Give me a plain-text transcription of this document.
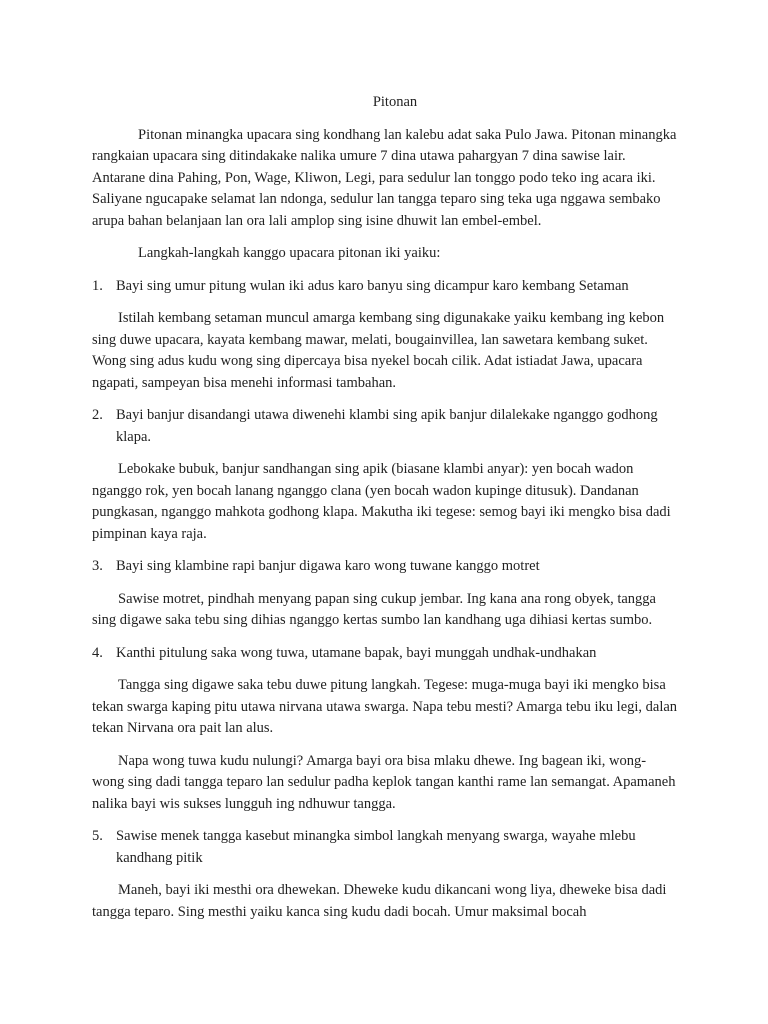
Pitonan

Pitonan minangka upacara sing kondhang lan kalebu adat saka Pulo Jawa. Pitonan minangka rangkaian upacara sing ditindakake nalika umure 7 dina utawa pahargyan 7 dina sawise lair. Antarane dina Pahing, Pon, Wage, Kliwon, Legi, para sedulur lan tonggo podo teko ing acara iki. Saliyane ngucapake selamat lan ndonga, sedulur lan tangga teparo sing teka uga nggawa sembako arupa bahan belanjaan lan ora lali amplop sing isine dhuwit lan embel-embel.

Langkah-langkah kanggo upacara pitonan iki yaiku:

1. Bayi sing umur pitung wulan iki adus karo banyu sing dicampur karo kembang Setaman

Istilah kembang setaman muncul amarga kembang sing digunakake yaiku kembang ing kebon sing duwe upacara, kayata kembang mawar, melati, bougainvillea, lan sawetara kembang suket. Wong sing adus kudu wong sing dipercaya bisa nyekel bocah cilik. Adat istiadat Jawa, upacara ngapati, sampeyan bisa menehi informasi tambahan.

2. Bayi banjur disandangi utawa diwenehi klambi sing apik banjur dilalekake nganggo godhong klapa.

Lebokake bubuk, banjur sandhangan sing apik (biasane klambi anyar): yen bocah wadon nganggo rok, yen bocah lanang nganggo clana (yen bocah wadon kupinge ditusuk). Dandanan pungkasan, nganggo mahkota godhong klapa. Makutha iki tegese: semog bayi iki mengko bisa dadi pimpinan kaya raja.

3. Bayi sing klambine rapi banjur digawa karo wong tuwane kanggo motret

Sawise motret, pindhah menyang papan sing cukup jembar. Ing kana ana rong obyek, tangga sing digawe saka tebu sing dihias nganggo kertas sumbo lan kandhang uga dihiasi kertas sumbo.

4. Kanthi pitulung saka wong tuwa, utamane bapak, bayi munggah undhak-undhakan

Tangga sing digawe saka tebu duwe pitung langkah. Tegese: muga-muga bayi iki mengko bisa tekan swarga kaping pitu utawa nirvana utawa swarga. Napa tebu mesti? Amarga tebu iku legi, dalan tekan Nirvana ora pait lan alus.

Napa wong tuwa kudu nulungi? Amarga bayi ora bisa mlaku dhewe. Ing bagean iki, wong-wong sing dadi tangga teparo lan sedulur padha keplok tangan kanthi rame lan semangat. Apamaneh nalika bayi wis sukses lungguh ing ndhuwur tangga.

5. Sawise menek tangga kasebut minangka simbol langkah menyang swarga, wayahe mlebu kandhang pitik

Maneh, bayi iki mesthi ora dhewekan. Dheweke kudu dikancani wong liya, dheweke bisa dadi tangga teparo. Sing mesthi yaiku kanca sing kudu dadi bocah. Umur maksimal bocah
